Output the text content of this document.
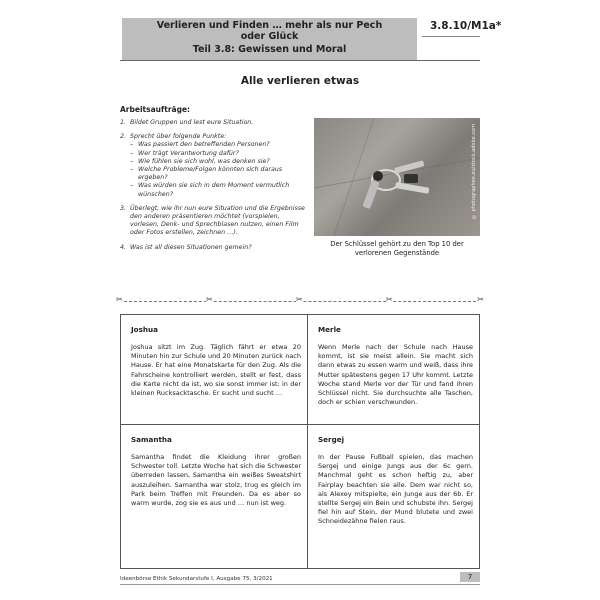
Verlieren und Finden … mehr als nur Pech
oder Glück
Teil 3.8: Gewissen und Moral
3.8.10/M1a*
Alle verlieren etwas
Arbeitsaufträge:
1. Bildet Gruppen und lest eure Situation.
2. Sprecht über folgende Punkte:
– Was passiert den betreffenden Personen?
– Wer trägt Verantwortung dafür?
– Wie fühlen sie sich wohl, was denken sie?
– Welche Probleme/Folgen könnten sich daraus ergeben?
– Was würden sie sich in dem Moment vermutlich wünschen?
3. Überlegt, wie ihr nun eure Situation und die Ergebnisse den anderen präsentieren möchtet (vorspielen, vorlesen, Denk- und Sprechblasen nutzen, einen Film oder Fotos erstellen, zeichnen …).
4. Was ist all diesen Situationen gemein?
© photographee.eu/stock.adobe.com
Der Schlüssel gehört zu den Top 10 der verlorenen Gegenstände
✂	✂	✂	✂	✂
Joshua

Joshua sitzt im Zug. Täglich fährt er etwa 20 Minuten hin zur Schule und 20 Minuten zurück nach Hause. Er hat eine Monatskarte für den Zug. Als die Fahrscheine kontrolliert werden, stellt er fest, dass die Karte nicht da ist, wo sie sonst immer ist: in der kleinen Rucksacktasche. Er sucht und sucht …

Merle

Wenn Merle nach der Schule nach Hause kommt, ist sie meist allein. Sie macht sich dann etwas zu essen warm und weiß, dass ihre Mutter spätestens gegen 17 Uhr kommt. Letzte Woche stand Merle vor der Tür und fand ihren Schlüssel nicht. Sie durchsuchte alle Taschen, doch er schien verschwunden.

Samantha

Samantha findet die Kleidung ihrer großen Schwester toll. Letzte Woche hat sich die Schwester überreden lassen, Samantha ein weißes Sweatshirt auszuleihen. Samantha war stolz, trug es gleich im Park beim Treffen mit Freunden. Da es aber so warm wurde, zog sie es aus und … nun ist weg.

Sergej

In der Pause Fußball spielen, das machen Sergej und einige Jungs aus der 6c gern. Manchmal geht es schon heftig zu, aber Fairplay beachten sie alle. Dem war nicht so, als Alexey mitspielte, ein Junge aus der 6b. Er stellte Sergej ein Bein und schubste ihn. Sergej fiel hin auf Stein, der Mund blutete und zwei Schneidezähne fielen raus.

Ideenbörse Ethik Sekundarstufe I, Ausgabe 75, 3/2021	7
